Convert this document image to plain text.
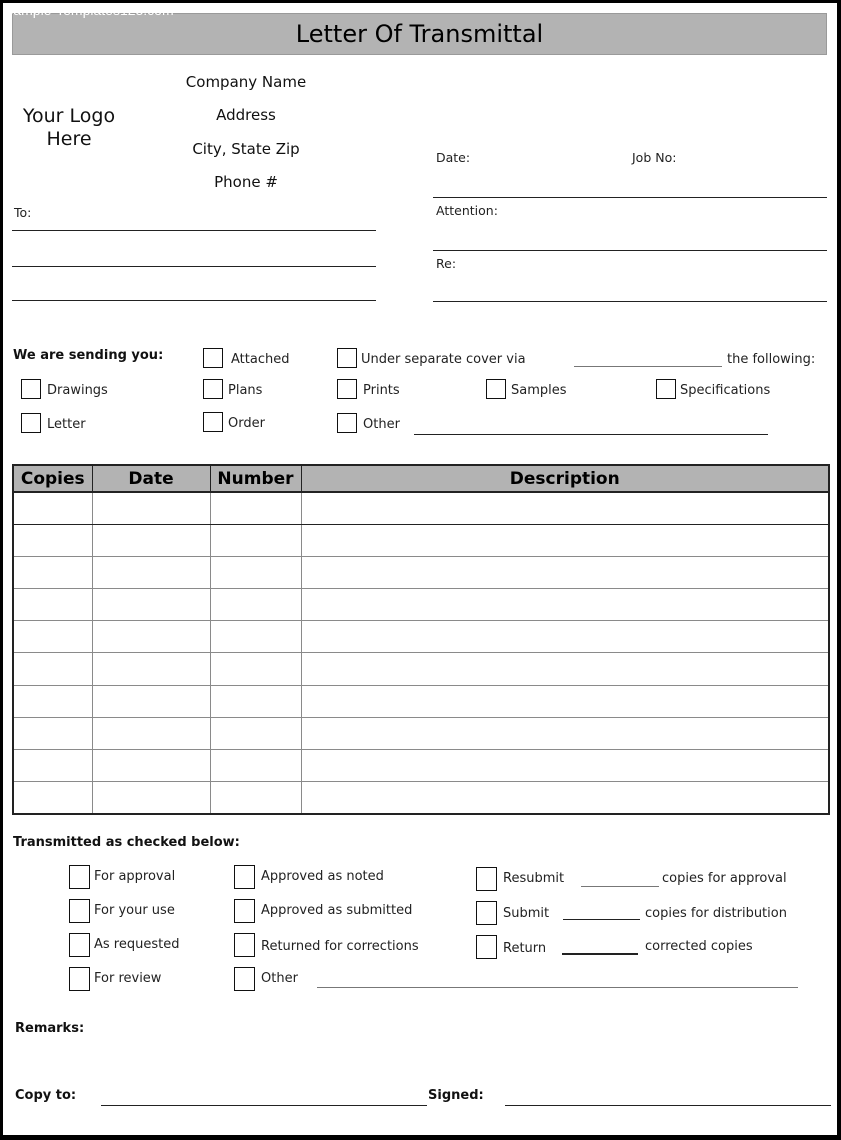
Sample-Templates123.com
Letter Of Transmittal
Company Name
Address
City, State Zip
Phone #
Your Logo Here
To:
Date:	Job No:
Attention:
Re:
We are sending you:	Attached	Under separate cover via	the following:
Drawings	Plans	Prints	Samples	Specifications
Letter	Order	Other
Copies	Date	Number	Description

Transmitted as checked below:
For approval
For your use
As requested
For review
Approved as noted
Approved as submitted
Returned for corrections
Other
Resubmit	copies for approval
Submit	copies for distribution
Return	corrected copies
Remarks:
Copy to:	Signed:
